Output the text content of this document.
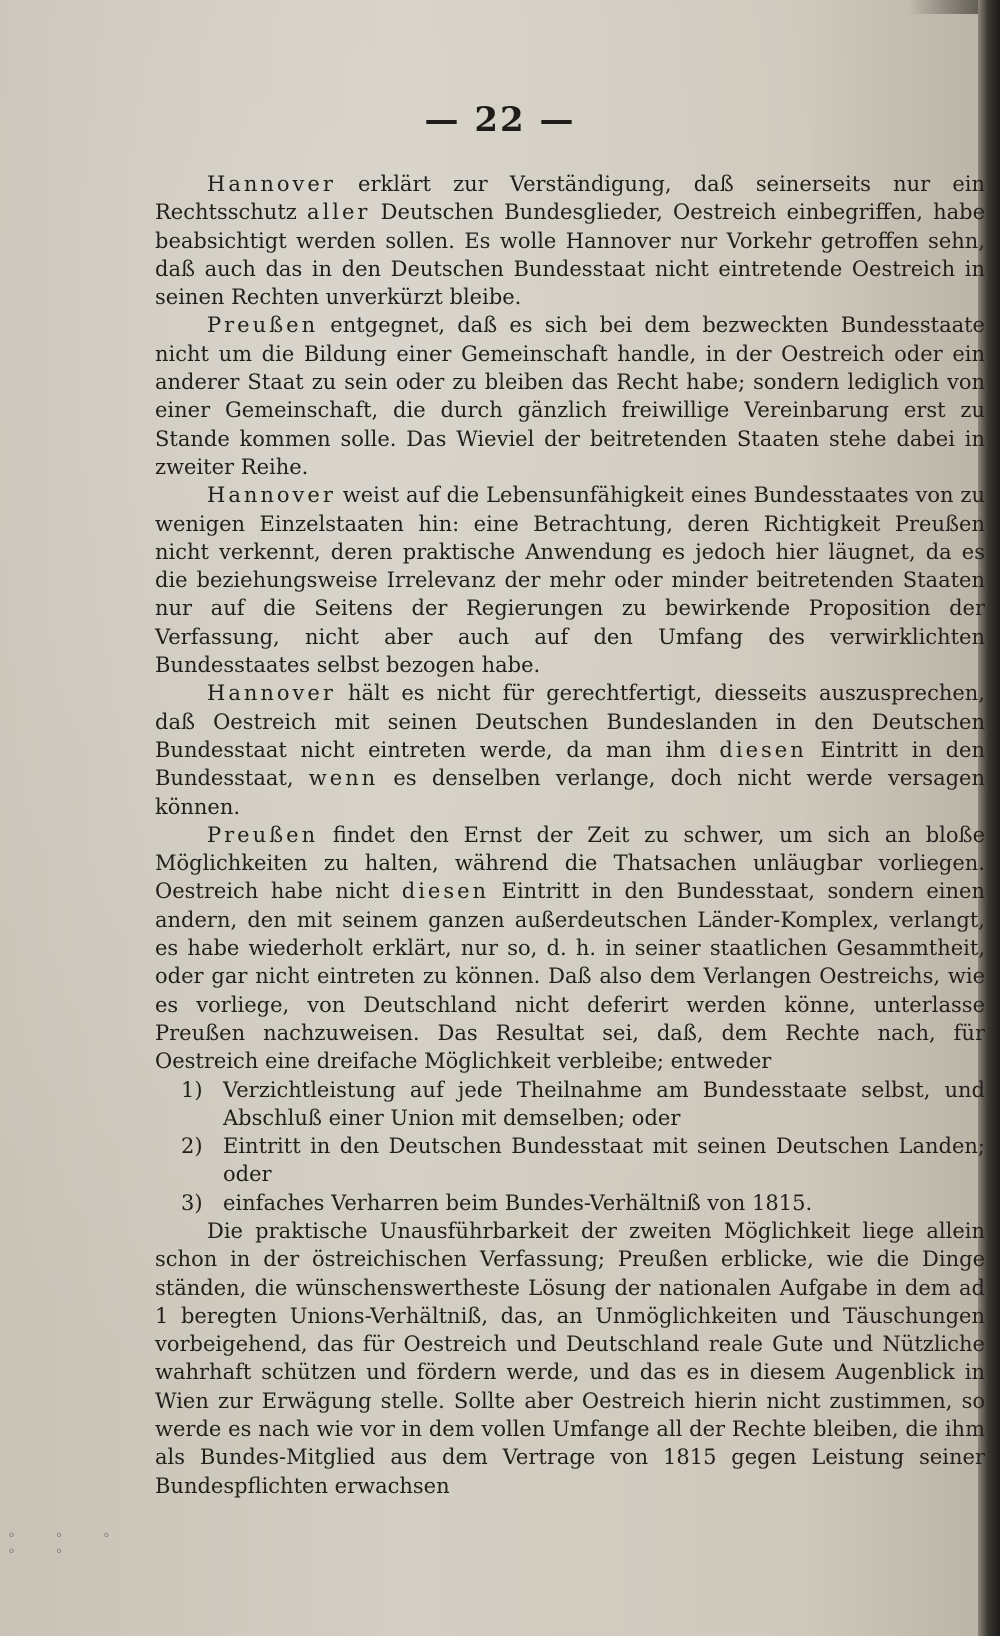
— 22 —

Hannover erklärt zur Verständigung, daß seinerseits nur ein Rechtsschutz aller Deutschen Bundesglieder, Oestreich einbegriffen, habe beabsichtigt werden sollen. Es wolle Hannover nur Vorkehr getroffen sehn, daß auch das in den Deutschen Bundesstaat nicht eintretende Oestreich in seinen Rechten unverkürzt bleibe.

Preußen entgegnet, daß es sich bei dem bezweckten Bundesstaate nicht um die Bildung einer Gemeinschaft handle, in der Oestreich oder ein anderer Staat zu sein oder zu bleiben das Recht habe; sondern lediglich von einer Gemeinschaft, die durch gänzlich freiwillige Vereinbarung erst zu Stande kommen solle. Das Wieviel der beitretenden Staaten stehe dabei in zweiter Reihe.

Hannover weist auf die Lebensunfähigkeit eines Bundesstaates von zu wenigen Einzelstaaten hin: eine Betrachtung, deren Richtigkeit Preußen nicht verkennt, deren praktische Anwendung es jedoch hier läugnet, da es die beziehungsweise Irrelevanz der mehr oder minder beitretenden Staaten nur auf die Seitens der Regierungen zu bewirkende Proposition der Verfassung, nicht aber auch auf den Umfang des verwirklichten Bundesstaates selbst bezogen habe.

Hannover hält es nicht für gerechtfertigt, diesseits auszusprechen, daß Oestreich mit seinen Deutschen Bundeslanden in den Deutschen Bundesstaat nicht eintreten werde, da man ihm diesen Eintritt in den Bundesstaat, wenn es denselben verlange, doch nicht werde versagen können.

Preußen findet den Ernst der Zeit zu schwer, um sich an bloße Möglichkeiten zu halten, während die Thatsachen unläugbar vorliegen. Oestreich habe nicht diesen Eintritt in den Bundesstaat, sondern einen andern, den mit seinem ganzen außerdeutschen Länder-Komplex, verlangt, es habe wiederholt erklärt, nur so, d. h. in seiner staatlichen Gesammtheit, oder gar nicht eintreten zu können. Daß also dem Verlangen Oestreichs, wie es vorliege, von Deutschland nicht deferirt werden könne, unterlasse Preußen nachzuweisen. Das Resultat sei, daß, dem Rechte nach, für Oestreich eine dreifache Möglichkeit verbleibe; entweder

1) Verzichtleistung auf jede Theilnahme am Bundesstaate selbst, und Abschluß einer Union mit demselben; oder

2) Eintritt in den Deutschen Bundesstaat mit seinen Deutschen Landen; oder

3) einfaches Verharren beim Bundes-Verhältniß von 1815.

Die praktische Unausführbarkeit der zweiten Möglichkeit liege allein schon in der östreichischen Verfassung; Preußen erblicke, wie die Dinge ständen, die wünschenswertheste Lösung der nationalen Aufgabe in dem ad 1 beregten Unions-Verhältniß, das, an Unmöglichkeiten und Täuschungen vorbeigehend, das für Oestreich und Deutschland reale Gute und Nützliche wahrhaft schützen und fördern werde, und das es in diesem Augenblick in Wien zur Erwägung stelle. Sollte aber Oestreich hierin nicht zustimmen, so werde es nach wie vor in dem vollen Umfange all der Rechte bleiben, die ihm als Bundes-Mitglied aus dem Vertrage von 1815 gegen Leistung seiner Bundespflichten erwachsen

° ° ° ° °
